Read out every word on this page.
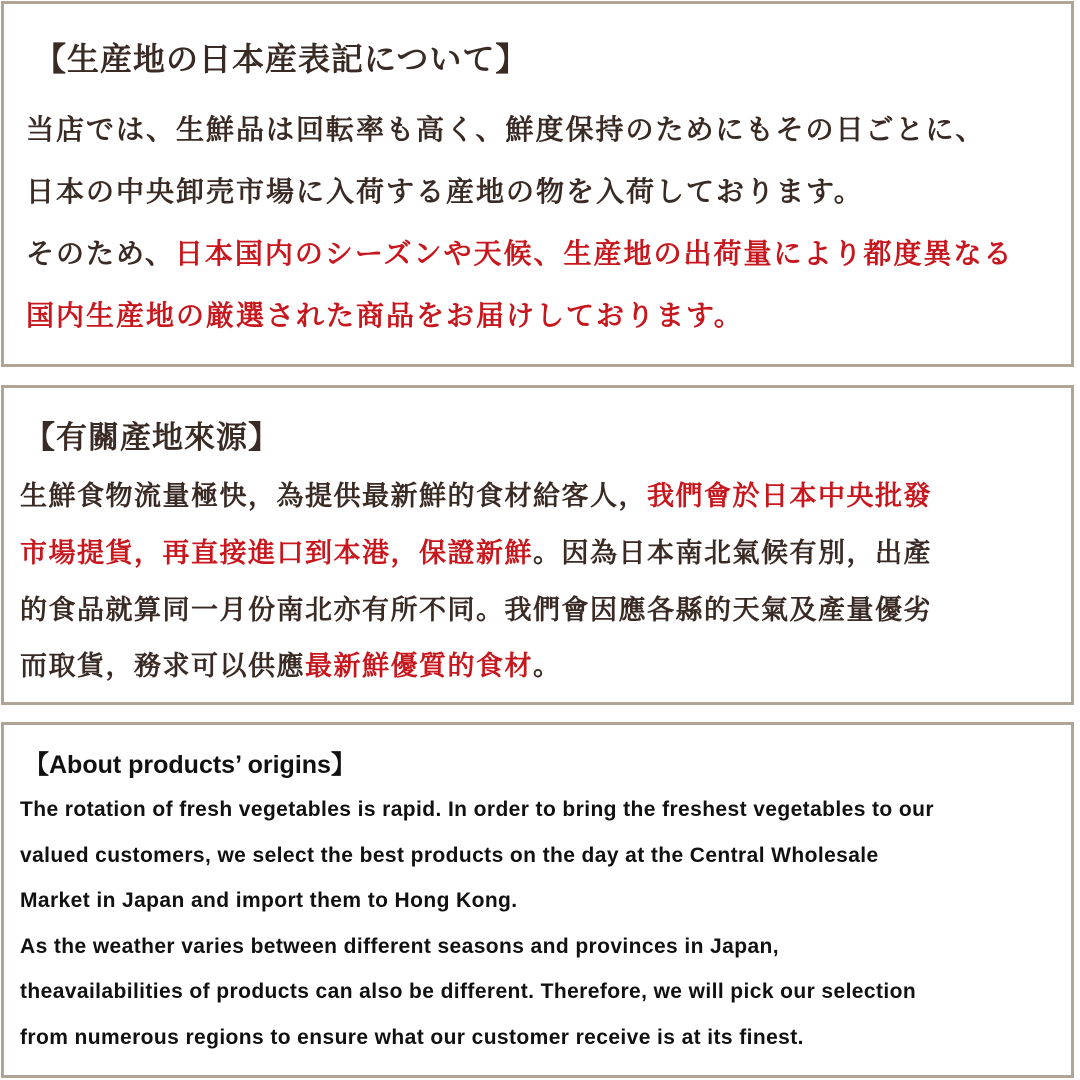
【生産地の日本産表記について】
当店では、生鮮品は回転率も高く、鮮度保持のためにもその日ごとに、
日本の中央卸売市場に入荷する産地の物を入荷しております。
そのため、日本国内のシーズンや天候、生産地の出荷量により都度異なる
国内生産地の厳選された商品をお届けしております。
【有關產地來源】
生鮮食物流量極快，為提供最新鮮的食材給客人，我們會於日本中央批發
市場提貨，再直接進口到本港，保證新鮮。因為日本南北氣候有別，出產
的食品就算同一月份南北亦有所不同。我們會因應各縣的天氣及產量優劣
而取貨，務求可以供應最新鮮優質的食材。
【About products’ origins】
The rotation of fresh vegetables is rapid. In order to bring the freshest vegetables to our
valued customers, we select the best products on the day at the Central Wholesale
Market in Japan and import them to Hong Kong.
As the weather varies between different seasons and provinces in Japan,
theavailabilities of products can also be different. Therefore, we will pick our selection
from numerous regions to ensure what our customer receive is at its finest.
